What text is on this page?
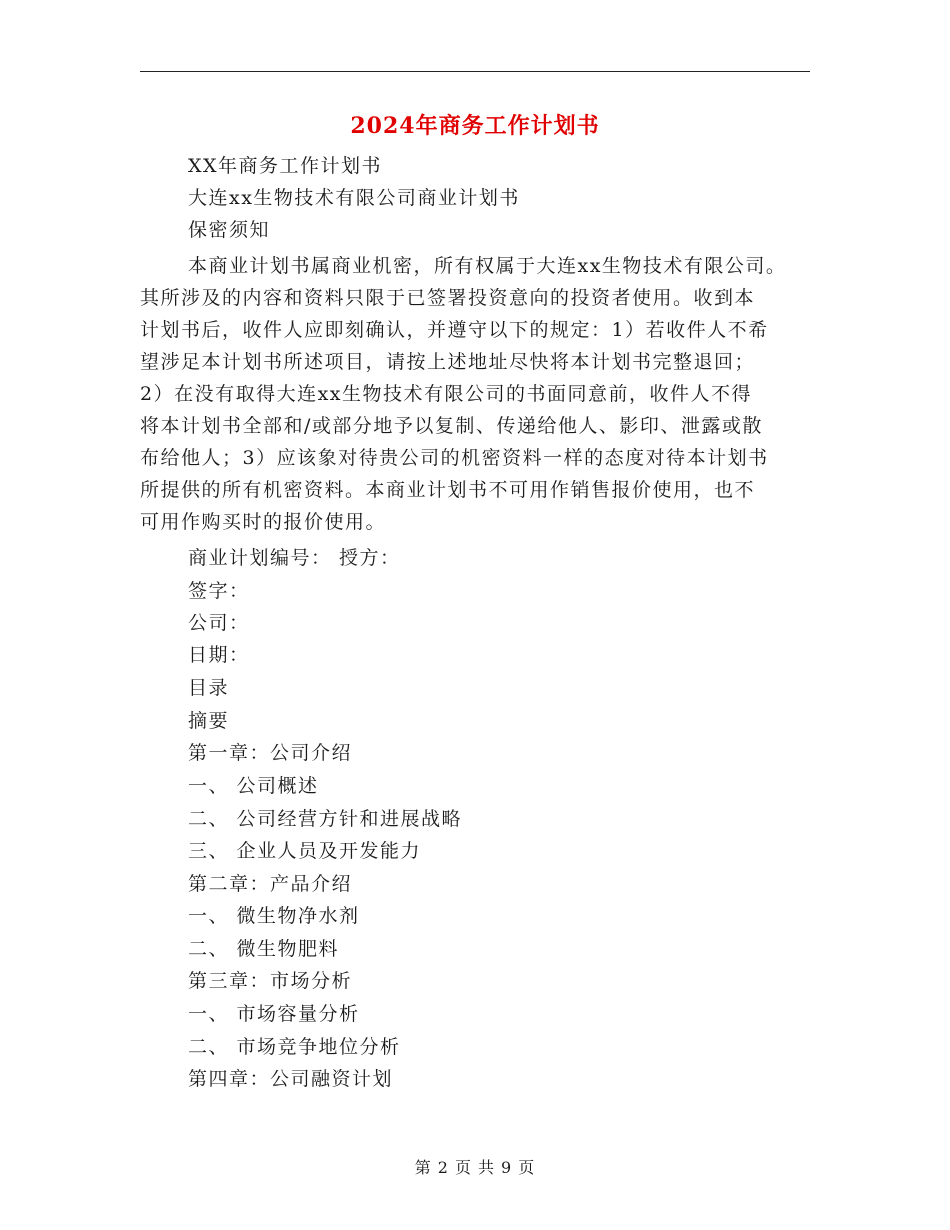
2024年商务工作计划书
XX年商务工作计划书
大连xx生物技术有限公司商业计划书
保密须知
本商业计划书属商业机密，所有权属于大连xx生物技术有限公司。
其所涉及的内容和资料只限于已签署投资意向的投资者使用。收到本
计划书后，收件人应即刻确认，并遵守以下的规定：1）若收件人不希
望涉足本计划书所述项目，请按上述地址尽快将本计划书完整退回；
2）在没有取得大连xx生物技术有限公司的书面同意前，收件人不得
将本计划书全部和/或部分地予以复制、传递给他人、影印、泄露或散
布给他人；3）应该象对待贵公司的机密资料一样的态度对待本计划书
所提供的所有机密资料。本商业计划书不可用作销售报价使用，也不
可用作购买时的报价使用。
商业计划编号： 授方：
签字：
公司：
日期：
目录
摘要
第一章：公司介绍
一、 公司概述
二、 公司经营方针和进展战略
三、 企业人员及开发能力
第二章：产品介绍
一、 微生物净水剂
二、 微生物肥料
第三章：市场分析
一、 市场容量分析
二、 市场竞争地位分析
第四章：公司融资计划
第 2 页 共 9 页
